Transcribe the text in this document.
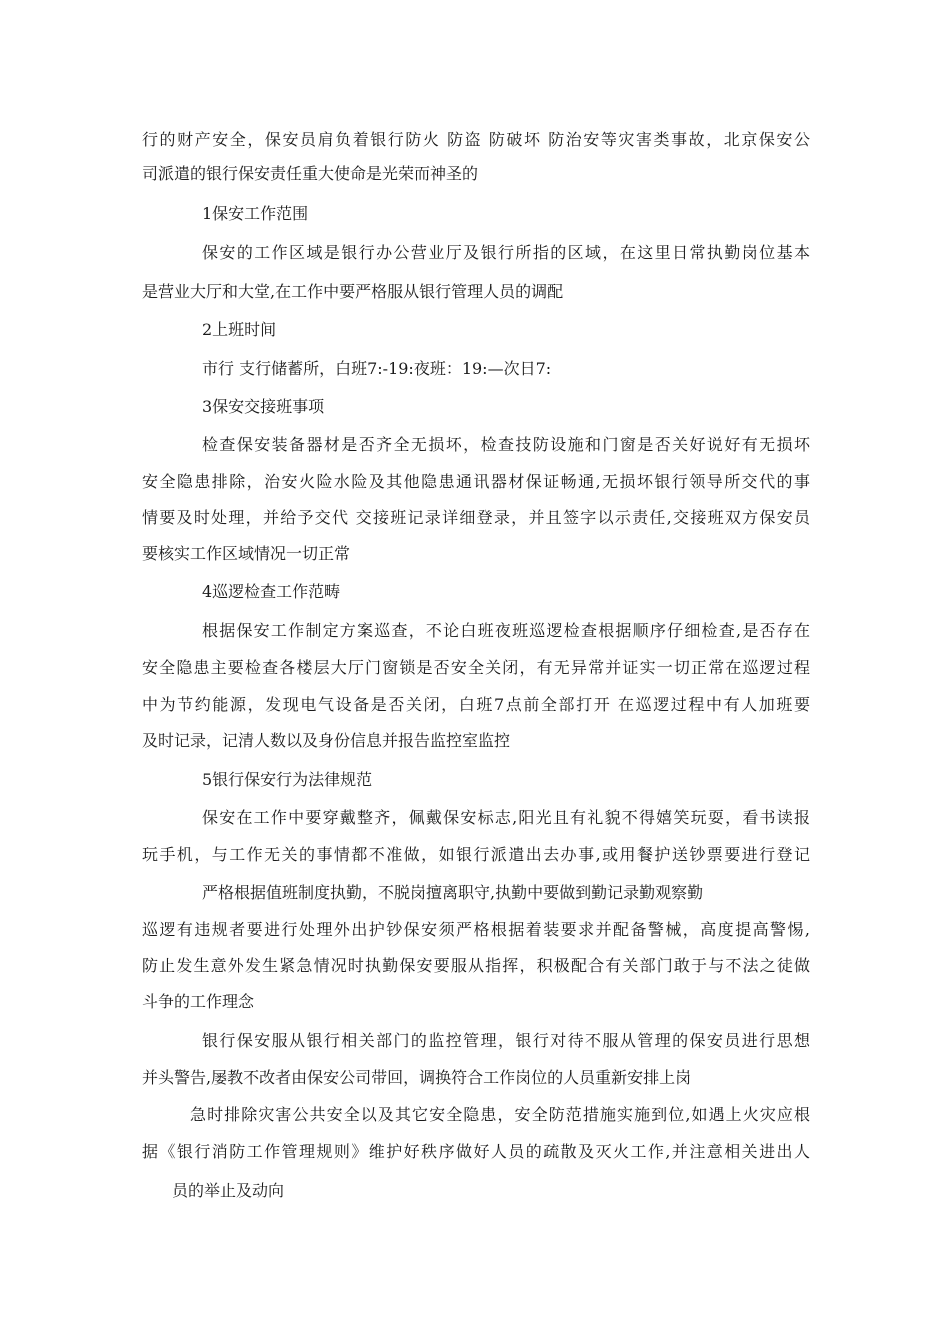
行的财产安全，保安员肩负着银行防火 防盗 防破坏 防治安等灾害类事故，北京保安公
司派遣的银行保安责任重大使命是光荣而神圣的
1保安工作范围
保安的工作区域是银行办公营业厅及银行所指的区域，在这里日常执勤岗位基本
是营业大厅和大堂,在工作中要严格服从银行管理人员的调配
2上班时间
市行 支行储蓄所，白班7:-19:夜班：19:—次日7:
3保安交接班事项
检查保安装备器材是否齐全无损坏，检查技防设施和门窗是否关好说好有无损坏
安全隐患排除，治安火险水险及其他隐患通讯器材保证畅通,无损坏银行领导所交代的事
情要及时处理，并给予交代 交接班记录详细登录，并且签字以示责任,交接班双方保安员
要核实工作区域情况一切正常
4巡逻检查工作范畴
根据保安工作制定方案巡查，不论白班夜班巡逻检查根据顺序仔细检查,是否存在
安全隐患主要检查各楼层大厅门窗锁是否安全关闭，有无异常并证实一切正常在巡逻过程
中为节约能源，发现电气设备是否关闭，白班7点前全部打开 在巡逻过程中有人加班要
及时记录，记清人数以及身份信息并报告监控室监控
5银行保安行为法律规范
保安在工作中要穿戴整齐，佩戴保安标志,阳光且有礼貌不得嬉笑玩耍，看书读报
玩手机，与工作无关的事情都不准做，如银行派遣出去办事,或用餐护送钞票要进行登记
严格根据值班制度执勤，不脱岗擅离职守,执勤中要做到勤记录勤观察勤
巡逻有违规者要进行处理外出护钞保安须严格根据着装要求并配备警械，高度提高警惕,
防止发生意外发生紧急情况时执勤保安要服从指挥，积极配合有关部门敢于与不法之徒做
斗争的工作理念
银行保安服从银行相关部门的监控管理，银行对待不服从管理的保安员进行思想
并头警告,屡教不改者由保安公司带回，调换符合工作岗位的人员重新安排上岗
急时排除灾害公共安全以及其它安全隐患，安全防范措施实施到位,如遇上火灾应根
据《银行消防工作管理规则》维护好秩序做好人员的疏散及灭火工作,并注意相关进出人
员的举止及动向
